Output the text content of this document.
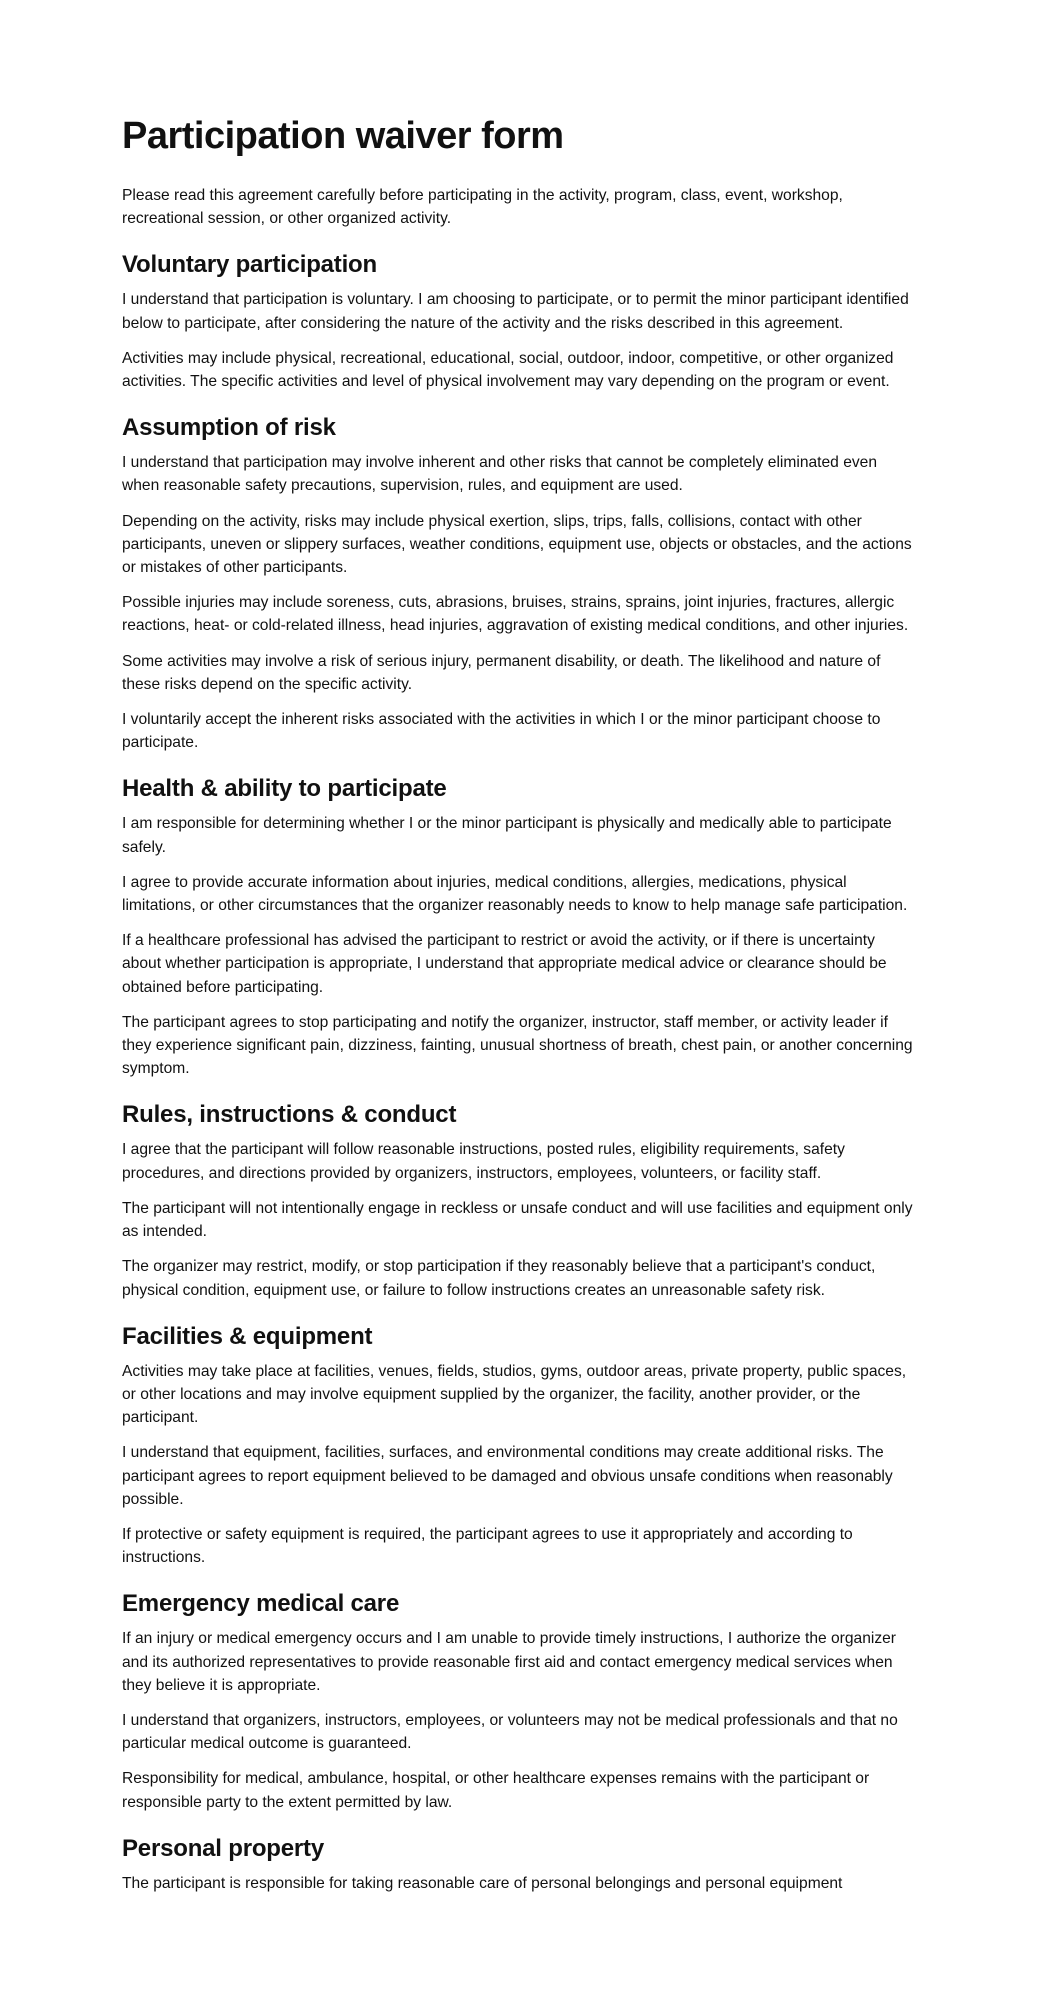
Participation waiver form

Please read this agreement carefully before participating in the activity, program, class, event, workshop, recreational session, or other organized activity.

Voluntary participation

I understand that participation is voluntary. I am choosing to participate, or to permit the minor participant identified below to participate, after considering the nature of the activity and the risks described in this agreement.

Activities may include physical, recreational, educational, social, outdoor, indoor, competitive, or other organized activities. The specific activities and level of physical involvement may vary depending on the program or event.

Assumption of risk

I understand that participation may involve inherent and other risks that cannot be completely eliminated even when reasonable safety precautions, supervision, rules, and equipment are used.

Depending on the activity, risks may include physical exertion, slips, trips, falls, collisions, contact with other participants, uneven or slippery surfaces, weather conditions, equipment use, objects or obstacles, and the actions or mistakes of other participants.

Possible injuries may include soreness, cuts, abrasions, bruises, strains, sprains, joint injuries, fractures, allergic reactions, heat- or cold-related illness, head injuries, aggravation of existing medical conditions, and other injuries.

Some activities may involve a risk of serious injury, permanent disability, or death. The likelihood and nature of these risks depend on the specific activity.

I voluntarily accept the inherent risks associated with the activities in which I or the minor participant choose to participate.

Health & ability to participate

I am responsible for determining whether I or the minor participant is physically and medically able to participate safely.

I agree to provide accurate information about injuries, medical conditions, allergies, medications, physical limitations, or other circumstances that the organizer reasonably needs to know to help manage safe participation.

If a healthcare professional has advised the participant to restrict or avoid the activity, or if there is uncertainty about whether participation is appropriate, I understand that appropriate medical advice or clearance should be obtained before participating.

The participant agrees to stop participating and notify the organizer, instructor, staff member, or activity leader if they experience significant pain, dizziness, fainting, unusual shortness of breath, chest pain, or another concerning symptom.

Rules, instructions & conduct

I agree that the participant will follow reasonable instructions, posted rules, eligibility requirements, safety procedures, and directions provided by organizers, instructors, employees, volunteers, or facility staff.

The participant will not intentionally engage in reckless or unsafe conduct and will use facilities and equipment only as intended.

The organizer may restrict, modify, or stop participation if they reasonably believe that a participant's conduct, physical condition, equipment use, or failure to follow instructions creates an unreasonable safety risk.

Facilities & equipment

Activities may take place at facilities, venues, fields, studios, gyms, outdoor areas, private property, public spaces, or other locations and may involve equipment supplied by the organizer, the facility, another provider, or the participant.

I understand that equipment, facilities, surfaces, and environmental conditions may create additional risks. The participant agrees to report equipment believed to be damaged and obvious unsafe conditions when reasonably possible.

If protective or safety equipment is required, the participant agrees to use it appropriately and according to instructions.

Emergency medical care

If an injury or medical emergency occurs and I am unable to provide timely instructions, I authorize the organizer and its authorized representatives to provide reasonable first aid and contact emergency medical services when they believe it is appropriate.

I understand that organizers, instructors, employees, or volunteers may not be medical professionals and that no particular medical outcome is guaranteed.

Responsibility for medical, ambulance, hospital, or other healthcare expenses remains with the participant or responsible party to the extent permitted by law.

Personal property

The participant is responsible for taking reasonable care of personal belongings and personal equipment
